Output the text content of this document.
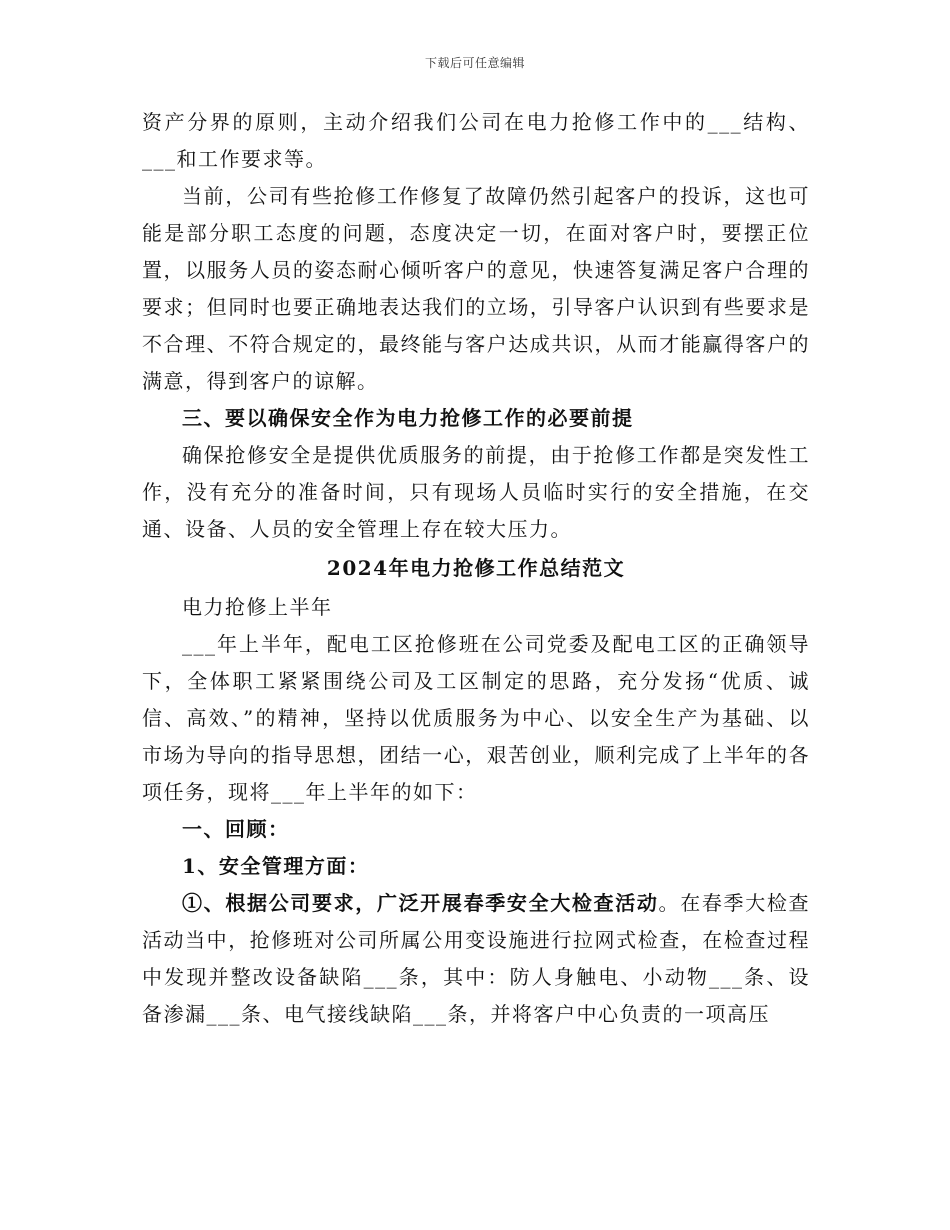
下载后可任意编辑

资产分界的原则，主动介绍我们公司在电力抢修工作中的___结构、___和工作要求等。

当前，公司有些抢修工作修复了故障仍然引起客户的投诉，这也可能是部分职工态度的问题，态度决定一切，在面对客户时，要摆正位置，以服务人员的姿态耐心倾听客户的意见，快速答复满足客户合理的要求；但同时也要正确地表达我们的立场，引导客户认识到有些要求是不合理、不符合规定的，最终能与客户达成共识，从而才能赢得客户的满意，得到客户的谅解。

三、要以确保安全作为电力抢修工作的必要前提

确保抢修安全是提供优质服务的前提，由于抢修工作都是突发性工作，没有充分的准备时间，只有现场人员临时实行的安全措施，在交通、设备、人员的安全管理上存在较大压力。

2024年电力抢修工作总结范文

电力抢修上半年

___年上半年，配电工区抢修班在公司党委及配电工区的正确领导下，全体职工紧紧围绕公司及工区制定的思路，充分发扬“优质、诚信、高效、”的精神，坚持以优质服务为中心、以安全生产为基础、以市场为导向的指导思想，团结一心，艰苦创业，顺利完成了上半年的各项任务，现将___年上半年的如下：

一、回顾：

1、安全管理方面：

①、根据公司要求，广泛开展春季安全大检查活动。在春季大检查活动当中，抢修班对公司所属公用变设施进行拉网式检查，在检查过程中发现并整改设备缺陷___条，其中：防人身触电、小动物___条、设备渗漏___条、电气接线缺陷___条，并将客户中心负责的一项高压
